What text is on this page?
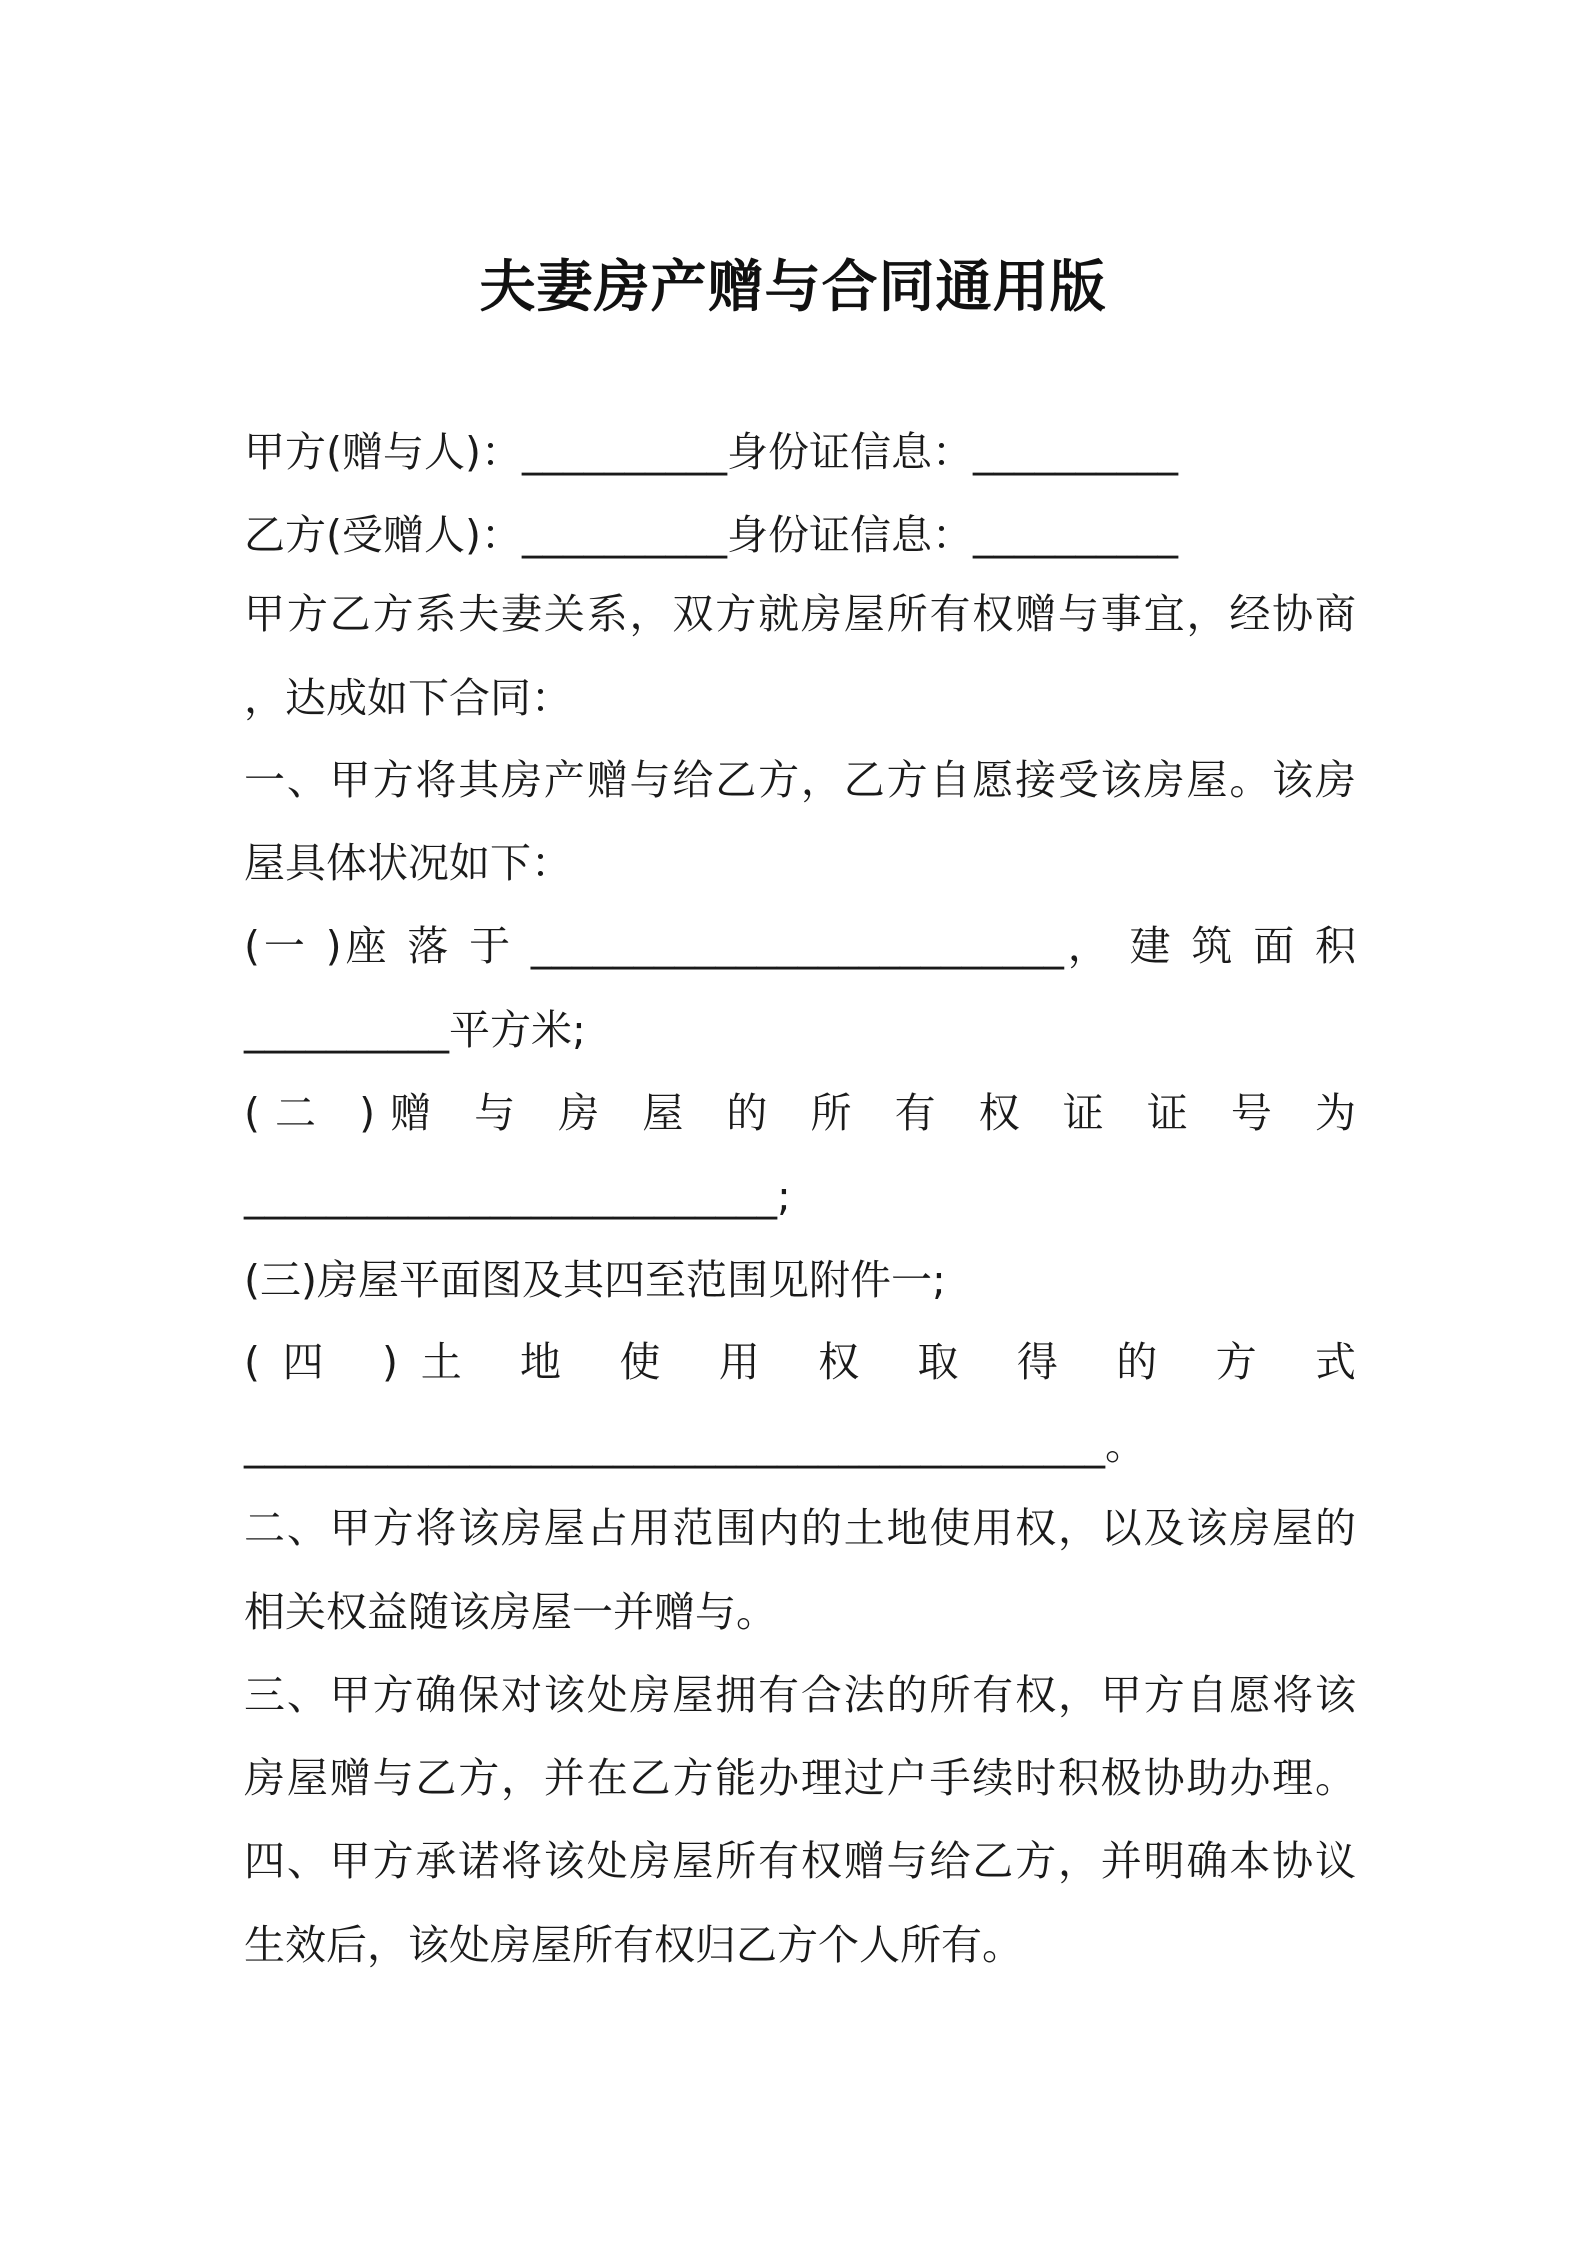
夫妻房产赠与合同通用版
甲方(赠与人)：__________身份证信息：__________
乙方(受赠人)：__________身份证信息：__________
甲方乙方系夫妻关系，双方就房屋所有权赠与事宜，经协商
，达成如下合同：
一、甲方将其房产赠与给乙方，乙方自愿接受该房屋。该房
屋具体状况如下：
(一 )座 落 于 __________________________， 建 筑 面 积
__________平方米;
(二 )赠 与 房 屋 的 所 有 权 证 证 号 为
__________________________;
(三)房屋平面图及其四至范围见附件一;
(四 )土 地 使 用 权 取 得 的 方 式
__________________________________________。
二、甲方将该房屋占用范围内的土地使用权，以及该房屋的
相关权益随该房屋一并赠与。
三、甲方确保对该处房屋拥有合法的所有权，甲方自愿将该
房屋赠与乙方，并在乙方能办理过户手续时积极协助办理。
四、甲方承诺将该处房屋所有权赠与给乙方，并明确本协议
生效后，该处房屋所有权归乙方个人所有。
